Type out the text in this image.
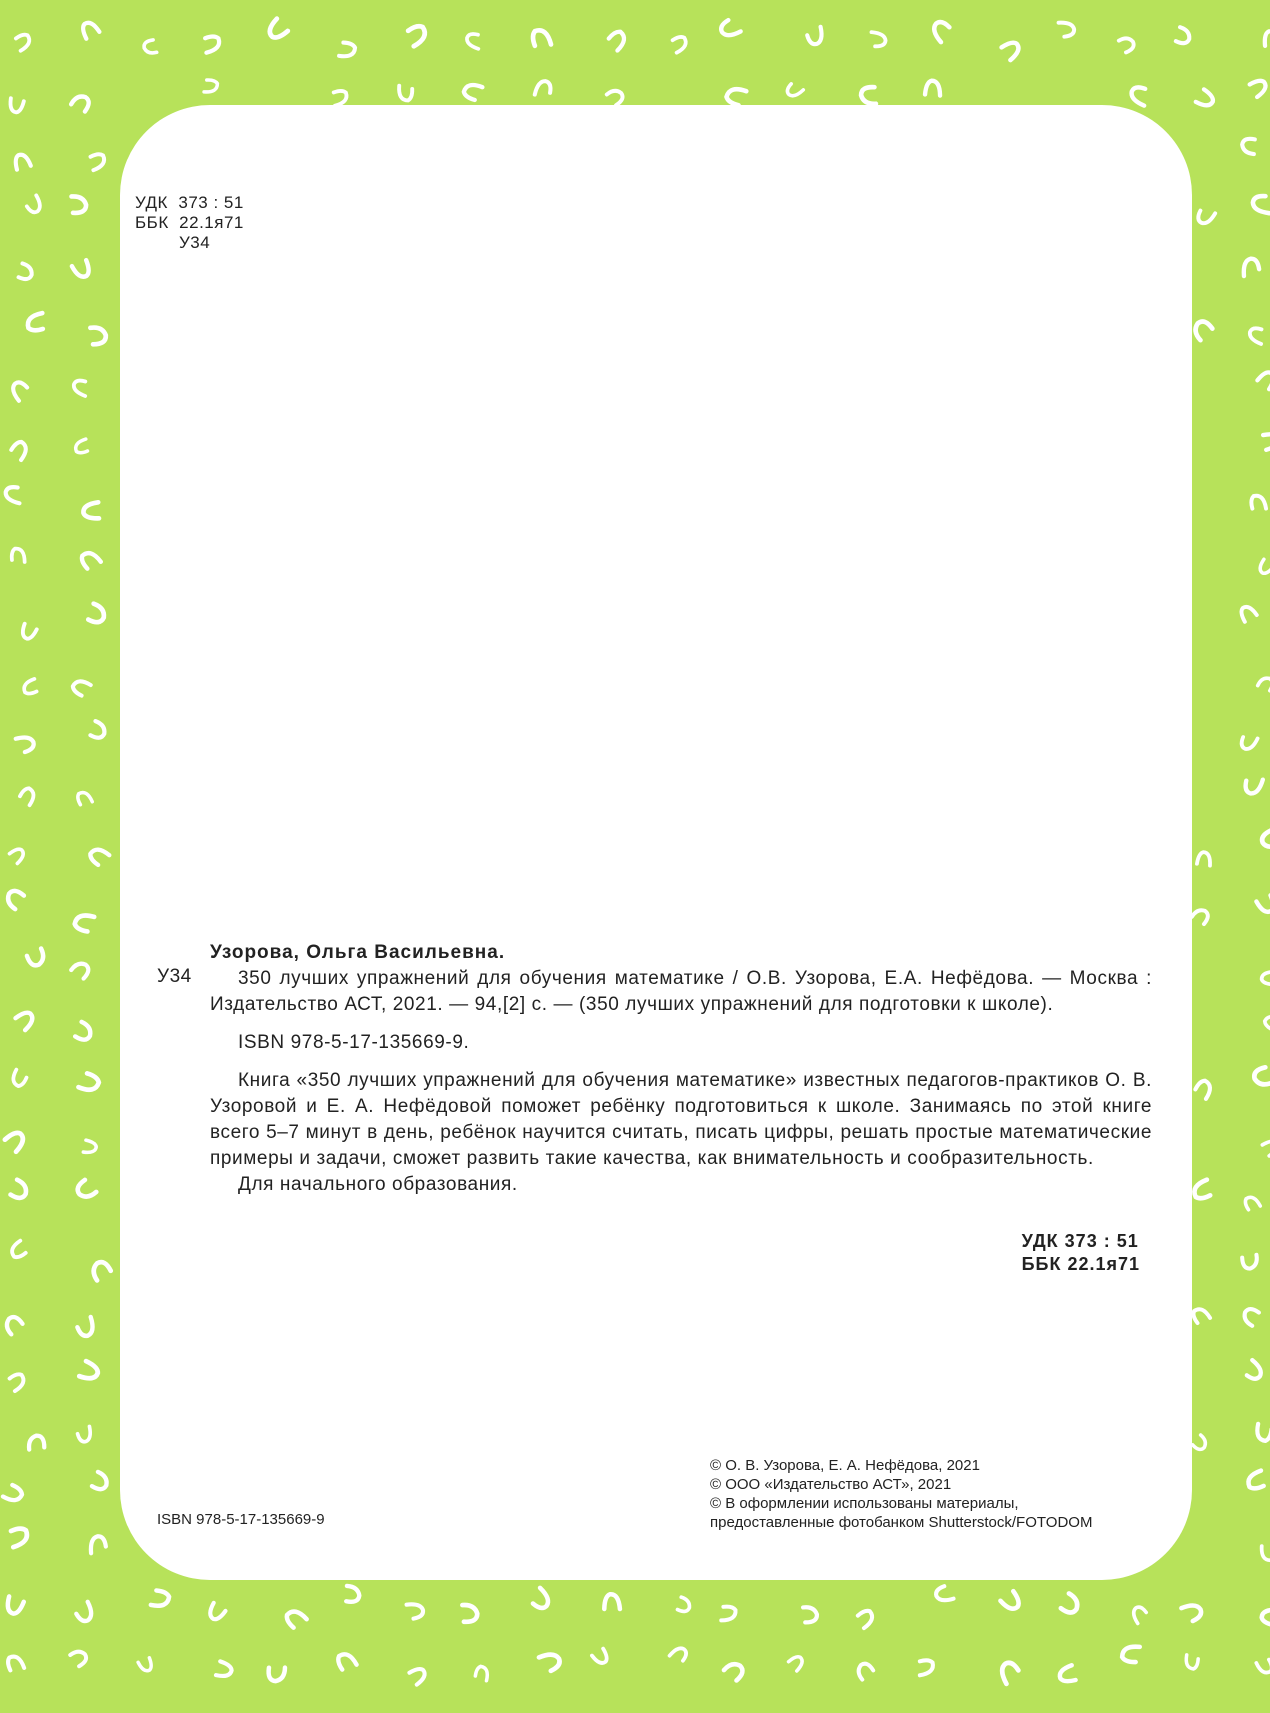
УДК  373 : 51
ББК  22.1я71
У34
У34

Узорова, Ольга Васильевна.

350 лучших упражнений для обучения математике / О.В. Узорова, Е.А. Нефёдова. — Москва : Издательство АСТ, 2021. — 94,[2] с. — (350 лучших упражнений для подготовки к школе).

ISBN 978-5-17-135669-9.

Книга «350 лучших упражнений для обучения математике» известных педагогов-практиков О. В. Узоровой и Е. А. Нефёдовой поможет ребёнку подготовиться к школе. Занимаясь по этой книге всего 5–7 минут в день, ребёнок научится считать, писать цифры, решать простые математические примеры и задачи, сможет развить такие качества, как внимательность и сообразительность.

Для начального образования.

УДК 373 : 51
ББК 22.1я71
© О. В. Узорова, Е. А. Нефёдова, 2021
© ООО «Издательство АСТ», 2021
© В оформлении использованы материалы,
предоставленные фотобанком Shutterstock/FOTODOM
ISBN 978-5-17-135669-9
